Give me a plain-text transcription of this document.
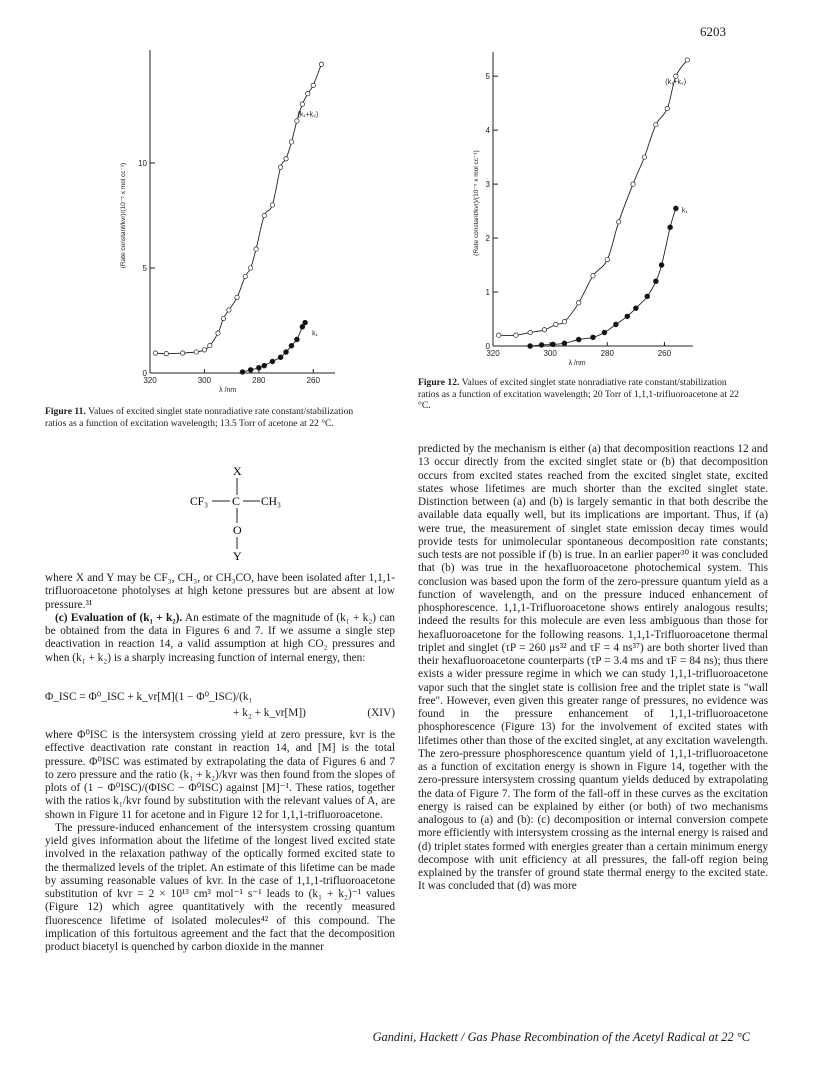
6203
0
5
10
320	300	280	260
λ /nm
(Rate constant/kvr)/(10⁻⁵ x mol cc⁻¹)
(k₁+k₂)
k₁
Figure 11. Values of excited singlet state nonradiative rate constant/stabilization ratios as a function of excitation wavelength; 13.5 Torr of acetone at 22 °C.
0
1
2
3
4
5
320	300	280	260
λ /nm
(Rate constant/kvr)/(10⁻⁵ x mol cc⁻¹)
(k₁+k₂)
k₁
Figure 12. Values of excited singlet state nonradiative rate constant/stabilization ratios as a function of excitation wavelength; 20 Torr of 1,1,1-trifluoroacetone at 22 °C.
X
CF₃ C CH₃
O
Y

where X and Y may be CF₃, CH₃, or CH₃CO, have been isolated after 1,1,1-trifluoroacetone photolyses at high ketone pressures but are absent at low pressure.³¹

(c) Evaluation of (k₁ + k₂). An estimate of the magnitude of (k₁ + k₂) can be obtained from the data in Figures 6 and 7. If we assume a single step deactivation in reaction 14, a valid assumption at high CO₂ pressures and when (k₁ + k₂) is a sharply increasing function of internal energy, then:

Φ_ISC = Φ⁰_ISC + k_vr[M](1 − Φ⁰_ISC)/(k₁
+ k₂ + k_vr[M])	(XIV)

where Φ⁰ISC is the intersystem crossing yield at zero pressure, kvr is the effective deactivation rate constant in reaction 14, and [M] is the total pressure. Φ⁰ISC was estimated by extrapolating the data of Figures 6 and 7 to zero pressure and the ratio (k₁ + k₂)/kvr was then found from the slopes of plots of (1 − Φ⁰ISC)/(ΦISC − Φ⁰ISC) against [M]⁻¹. These ratios, together with the ratios k₁/kvr found by substitution with the relevant values of A, are shown in Figure 11 for acetone and in Figure 12 for 1,1,1-trifluoroacetone.

The pressure-induced enhancement of the intersystem crossing quantum yield gives information about the lifetime of the longest lived excited state involved in the relaxation pathway of the optically formed excited state to the thermalized levels of the triplet. An estimate of this lifetime can be made by assuming reasonable values of kvr. In the case of 1,1,1-trifluoroacetone substitution of kvr = 2 × 10¹³ cm³ mol⁻¹ s⁻¹ leads to (k₁ + k₂)⁻¹ values (Figure 12) which agree quantitatively with the recently measured fluorescence lifetime of isolated molecules⁴² of this compound. The implication of this fortuitous agreement and the fact that the decomposition product biacetyl is quenched by carbon dioxide in the manner

predicted by the mechanism is either (a) that decomposition reactions 12 and 13 occur directly from the excited singlet state or (b) that decomposition occurs from excited states reached from the excited singlet state, excited states whose lifetimes are much shorter than the excited singlet state. Distinction between (a) and (b) is largely semantic in that both describe the available data equally well, but its implications are important. Thus, if (a) were true, the measurement of singlet state emission decay times would provide tests for unimolecular spontaneous decomposition rate constants; such tests are not possible if (b) is true. In an earlier paper³⁰ it was concluded that (b) was true in the hexafluoroacetone photochemical system. This conclusion was based upon the form of the zero-pressure quantum yield as a function of wavelength, and on the pressure induced enhancement of phosphorescence. 1,1,1-Trifluoroacetone shows entirely analogous results; indeed the results for this molecule are even less ambiguous than those for hexafluoroacetone for the following reasons. 1,1,1-Trifluoroacetone thermal triplet and singlet (τP = 260 μs³² and τF = 4 ns³⁷) are both shorter lived than their hexafluoroacetone counterparts (τP = 3.4 ms and τF = 84 ns); thus there exists a wider pressure regime in which we can study 1,1,1-trifluoroacetone vapor such that the singlet state is collision free and the triplet state is "wall free". However, even given this greater range of pressures, no evidence was found in the pressure enhancement of 1,1,1-trifluoroacetone phosphorescence (Figure 13) for the involvement of excited states with lifetimes other than those of the excited singlet, at any excitation wavelength. The zero-pressure phosphorescence quantum yield of 1,1,1-trifluoroacetone as a function of excitation energy is shown in Figure 14, together with the zero-pressure intersystem crossing quantum yields deduced by extrapolating the data of Figure 7. The form of the fall-off in these curves as the excitation energy is raised can be explained by either (or both) of two mechanisms analogous to (a) and (b): (c) decomposition or internal conversion compete more efficiently with intersystem crossing as the internal energy is raised and (d) triplet states formed with energies greater than a certain minimum energy decompose with unit efficiency at all pressures, the fall-off region being explained by the transfer of ground state thermal energy to the excited state. It was concluded that (d) was more

Gandini, Hackett / Gas Phase Recombination of the Acetyl Radical at 22 °C
